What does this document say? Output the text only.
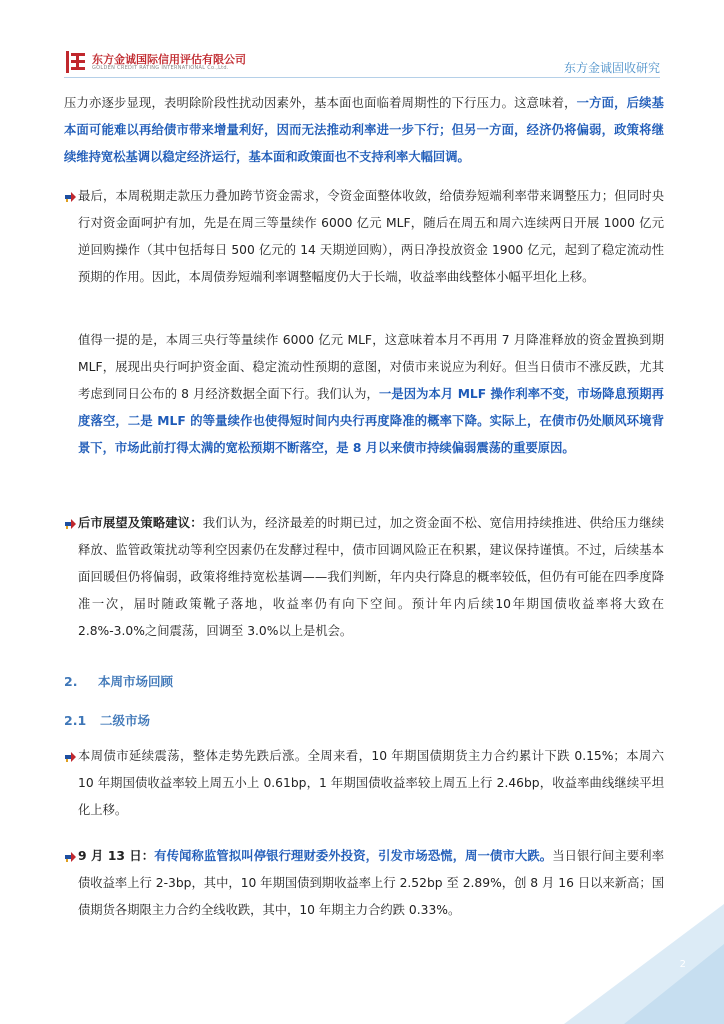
东方金诚国际信用评估有限公司
GOLDEN CREDIT RATING INTERNATIONAL Co.,Ltd.	东方金诚固收研究
压力亦逐步显现，表明除阶段性扰动因素外，基本面也面临着周期性的下行压力。这意味着，一方面，后续基本面可能难以再给债市带来增量利好，因而无法推动利率进一步下行；但另一方面，经济仍将偏弱，政策将继续维持宽松基调以稳定经济运行，基本面和政策面也不支持利率大幅回调。
最后，本周税期走款压力叠加跨节资金需求，令资金面整体收敛，给债券短端利率带来调整压力；但同时央行对资金面呵护有加，先是在周三等量续作 6000 亿元 MLF，随后在周五和周六连续两日开展 1000 亿元逆回购操作（其中包括每日 500 亿元的 14 天期逆回购），两日净投放资金 1900 亿元，起到了稳定流动性预期的作用。因此，本周债券短端利率调整幅度仍大于长端，收益率曲线整体小幅平坦化上移。
值得一提的是，本周三央行等量续作 6000 亿元 MLF，这意味着本月不再用 7 月降准释放的资金置换到期 MLF，展现出央行呵护资金面、稳定流动性预期的意图，对债市来说应为利好。但当日债市不涨反跌，尤其考虑到同日公布的 8 月经济数据全面下行。我们认为，一是因为本月 MLF 操作利率不变，市场降息预期再度落空，二是 MLF 的等量续作也使得短时间内央行再度降准的概率下降。实际上，在债市仍处顺风环境背景下，市场此前打得太满的宽松预期不断落空，是 8 月以来债市持续偏弱震荡的重要原因。
后市展望及策略建议：我们认为，经济最差的时期已过，加之资金面不松、宽信用持续推进、供给压力继续释放、监管政策扰动等利空因素仍在发酵过程中，债市回调风险正在积累，建议保持谨慎。不过，后续基本面回暖但仍将偏弱，政策将维持宽松基调——我们判断，年内央行降息的概率较低，但仍有可能在四季度降准一次，届时随政策靴子落地，收益率仍有向下空间。预计年内后续10年期国债收益率将大致在 2.8%-3.0%之间震荡，回调至 3.0%以上是机会。
2. 本周市场回顾
2.1 二级市场
本周债市延续震荡，整体走势先跌后涨。全周来看，10 年期国债期货主力合约累计下跌 0.15%；本周六 10 年期国债收益率较上周五小上 0.61bp，1 年期国债收益率较上周五上行 2.46bp，收益率曲线继续平坦化上移。
9 月 13 日：有传闻称监管拟叫停银行理财委外投资，引发市场恐慌，周一债市大跌。当日银行间主要利率债收益率上行 2-3bp，其中，10 年期国债到期收益率上行 2.52bp 至 2.89%，创 8 月 16 日以来新高；国债期货各期限主力合约全线收跌，其中，10 年期主力合约跌 0.33%。
2
